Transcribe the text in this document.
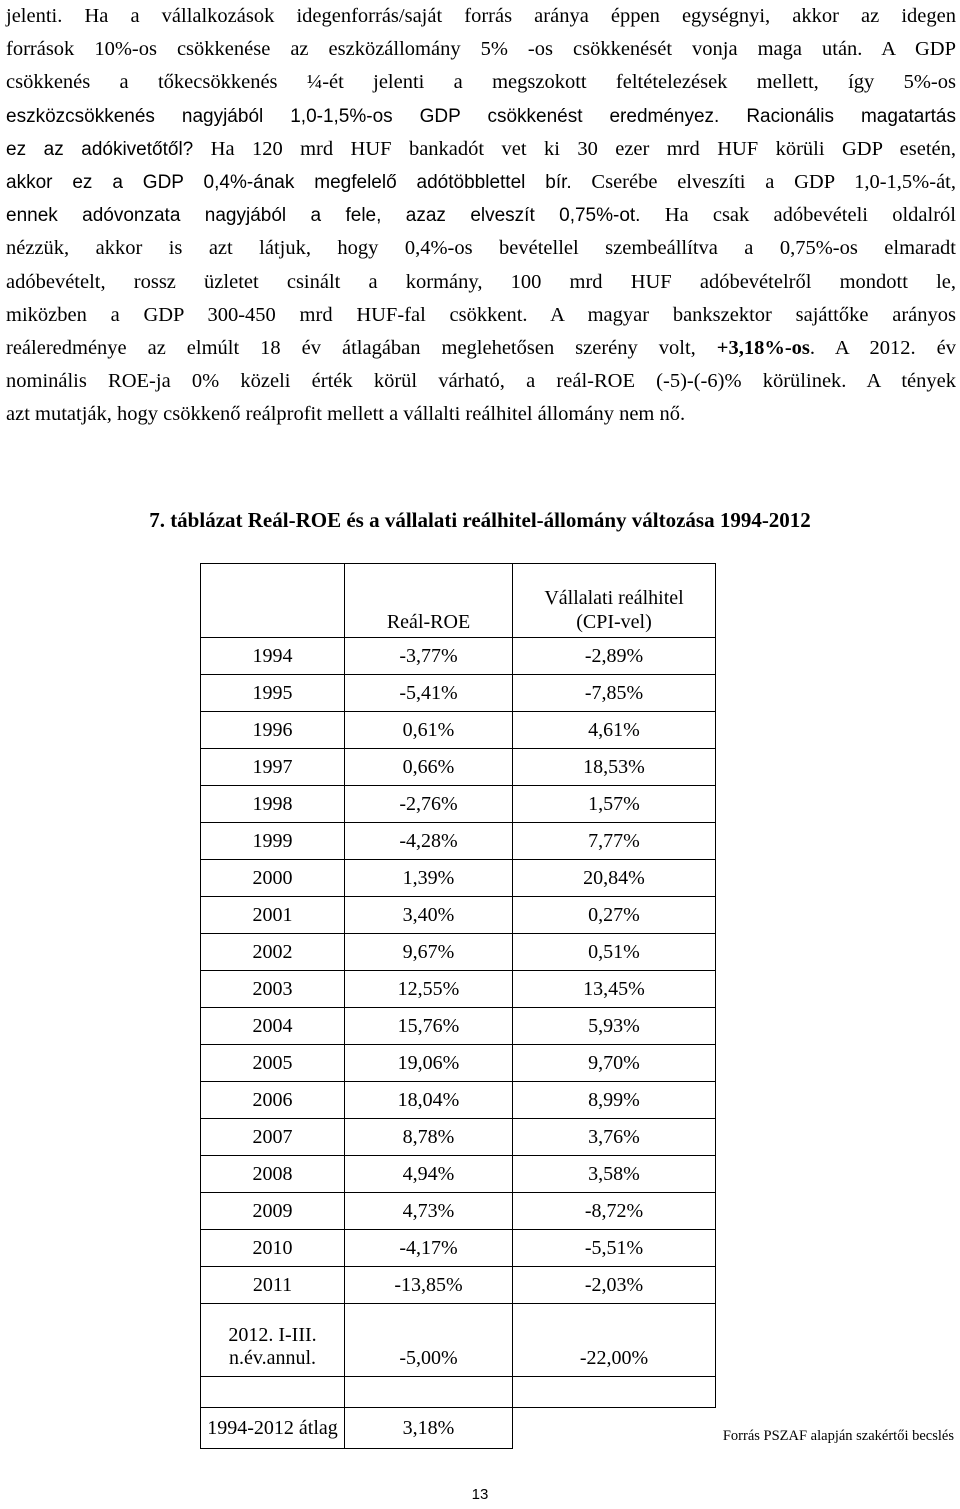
jelenti. Ha a vállalkozások idegenforrás/saját forrás aránya éppen egységnyi, akkor az idegen
források 10%-os csökkenése az eszközállomány 5% -os csökkenését vonja maga után. A GDP
csökkenés a tőkecsökkenés ¼-ét jelenti a megszokott feltételezések mellett, így 5%-os
eszközcsökkenés nagyjából 1,0-1,5%-os GDP csökkenést eredményez. Racionális magatartás
ez az adókivetőtől? Ha 120 mrd HUF bankadót vet ki 30 ezer mrd HUF körüli GDP esetén,
akkor ez a GDP 0,4%-ának megfelelő adótöbblettel bír. Cserébe elveszíti a GDP 1,0-1,5%-át,
ennek adóvonzata nagyjából a fele, azaz elveszít 0,75%-ot. Ha csak adóbevételi oldalról
nézzük, akkor is azt látjuk, hogy 0,4%-os bevétellel szembeállítva a 0,75%-os elmaradt
adóbevételt, rossz üzletet csinált a kormány, 100 mrd HUF adóbevételről mondott le,
miközben a GDP 300-450 mrd HUF-fal csökkent. A magyar bankszektor sajáttőke arányos
reáleredménye az elmúlt 18 év átlagában meglehetősen szerény volt, +3,18%-os. A 2012. év
nominális ROE-ja 0% közeli érték körül várható, a reál-ROE (-5)-(-6)% körülinek. A tények
azt mutatják, hogy csökkenő reálprofit mellett a vállalti reálhitel állomány nem nő.
7. táblázat Reál-ROE és a vállalati reálhitel-állomány változása 1994-2012
	Reál-ROE	Vállalati reálhitel
(CPI-vel)
1994	-3,77%	-2,89%
1995	-5,41%	-7,85%
1996	0,61%	4,61%
1997	0,66%	18,53%
1998	-2,76%	1,57%
1999	-4,28%	7,77%
2000	1,39%	20,84%
2001	3,40%	0,27%
2002	9,67%	0,51%
2003	12,55%	13,45%
2004	15,76%	5,93%
2005	19,06%	9,70%
2006	18,04%	8,99%
2007	8,78%	3,76%
2008	4,94%	3,58%
2009	4,73%	-8,72%
2010	-4,17%	-5,51%
2011	-13,85%	-2,03%
2012. I-III.
n.év.annul.	-5,00%	-22,00%

1994-2012 átlag	3,18%		Forrás PSZAF alapján szakértői becslés
13
